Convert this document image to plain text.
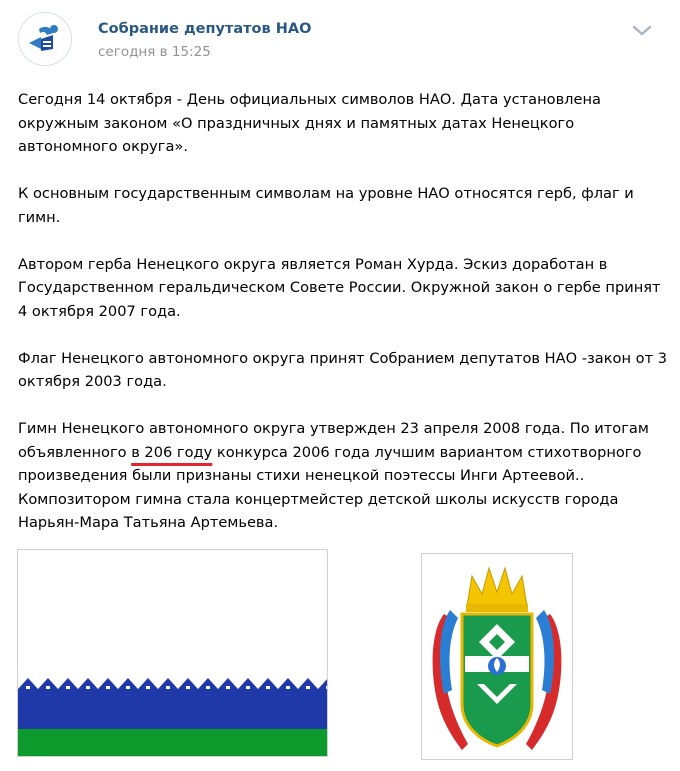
Собрание депутатов НАО
сегодня в 15:25

Сегодня 14 октября - День официальных символов НАО. Дата установлена
окружным законом «О праздничных днях и памятных датах Ненецкого
автономного округа».

К основным государственным символам на уровне НАО относятся герб, флаг и
гимн.

Автором герба Ненецкого округа является Роман Хурда. Эскиз доработан в
Государственном геральдическом Совете России. Окружной закон о гербе принят
4 октября 2007 года.

Флаг Ненецкого автономного округа принят Собранием депутатов НАО -закон от 3
октября 2003 года.

Гимн Ненецкого автономного округа утвержден 23 апреля 2008 года. По итогам
объявленного в 206 году конкурса 2006 года лучшим вариантом стихотворного
произведения были признаны стихи ненецкой поэтессы Инги Артеевой..
Композитором гимна стала концертмейстер детской школы искусств города
Нарьян-Мара Татьяна Артемьева.
